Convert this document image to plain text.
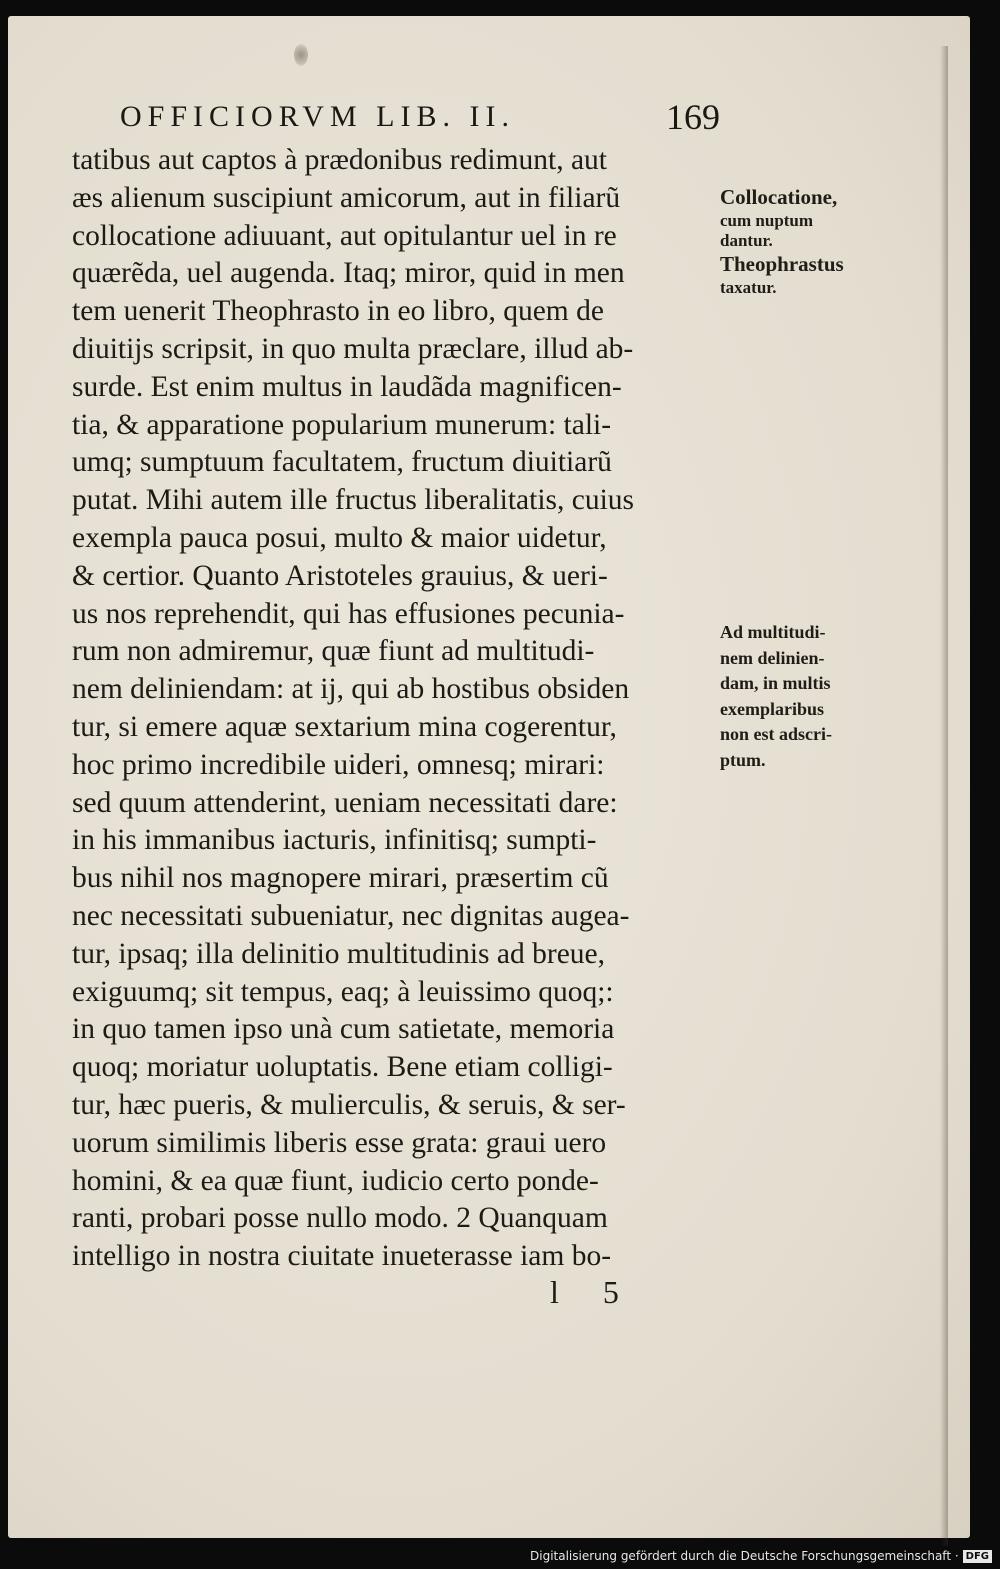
OFFICIORVM LIB. II.	169
tatibus aut captos à prædonibus redimunt, aut
æs alienum suscipiunt amicorum, aut in filiarũ
collocatione adiuuant, aut opitulantur uel in re
quærẽda, uel augenda. Itaq; miror, quid in men
tem uenerit Theophrasto in eo libro, quem de
diuitijs scripsit, in quo multa præclare, illud ab-
surde. Est enim multus in laudãda magnificen-
tia, & apparatione popularium munerum: tali-
umq; sumptuum facultatem, fructum diuitiarũ
putat. Mihi autem ille fructus liberalitatis, cuius
exempla pauca posui, multo & maior uidetur,
& certior. Quanto Aristoteles grauius, & ueri-
us nos reprehendit, qui has effusiones pecunia-
rum non admiremur, quæ fiunt ad multitudi-
nem deliniendam: at ij, qui ab hostibus obsiden
tur, si emere aquæ sextarium mina cogerentur,
hoc primo incredibile uideri, omnesq; mirari:
sed quum attenderint, ueniam necessitati dare:
in his immanibus iacturis, infinitisq; sumpti-
bus nihil nos magnopere mirari, præsertim cũ
nec necessitati subueniatur, nec dignitas augea-
tur, ipsaq; illa delinitio multitudinis ad breue,
exiguumq; sit tempus, eaq; à leuissimo quoq;:
in quo tamen ipso unà cum satietate, memoria
quoq; moriatur uoluptatis. Bene etiam colligi-
tur, hæc pueris, & mulierculis, & seruis, & ser-
uorum similimis liberis esse grata: graui uero
homini, & ea quæ fiunt, iudicio certo ponde-
ranti, probari posse nullo modo. 2 Quanquam
intelligo in nostra ciuitate inueterasse iam bo-
Collocatione,
cum nuptum
dantur.
Theophrastus
taxatur.
Ad multitudi-
nem delinien-
dam, in multis
exemplaribus
non est adscri-
ptum.
l 5
Digitalisierung gefördert durch die Deutsche Forschungsgemeinschaft · DFG
